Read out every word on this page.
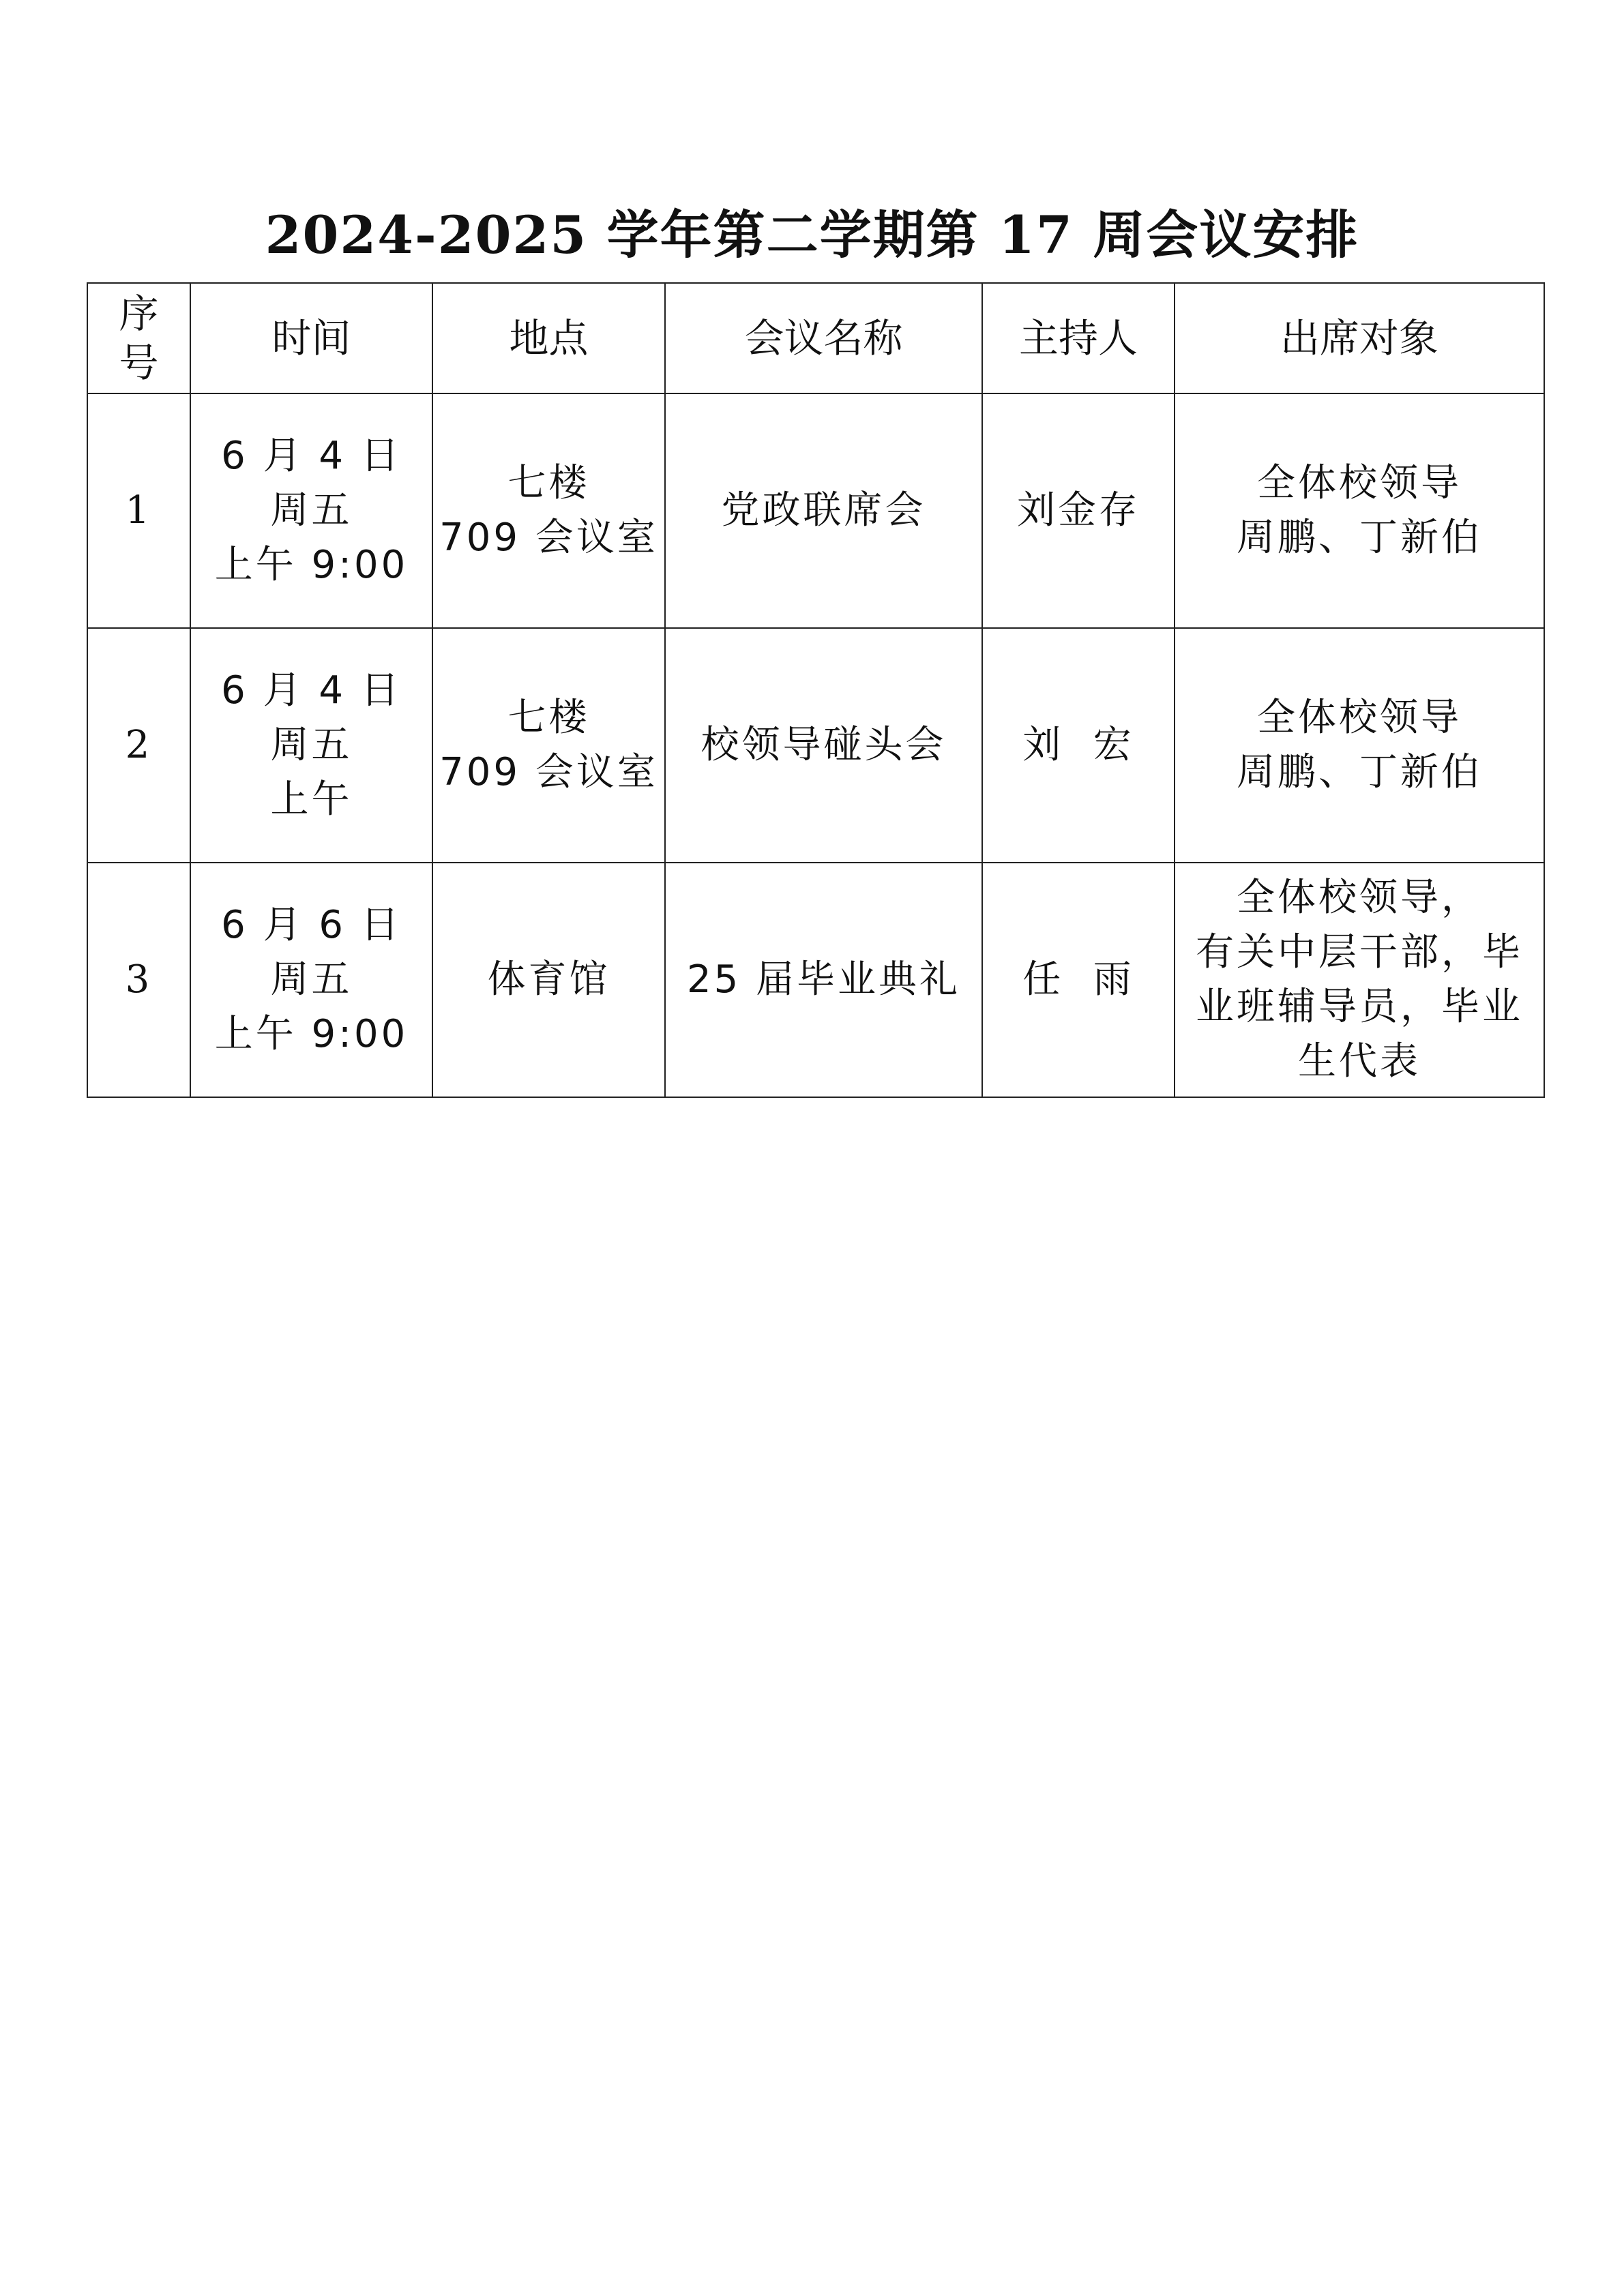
2024-2025 学年第二学期第 17 周会议安排
序
号	时间	地点	会议名称	主持人	出席对象
1	6 月 4 日
周五
上午 9:00	七楼
709 会议室	党政联席会	刘金存	全体校领导
周鹏、丁新伯

2	6 月 4 日
周五
上午	七楼
709 会议室	校领导碰头会	刘  宏	全体校领导
周鹏、丁新伯

3	6 月 6 日
周五
上午 9:00	体育馆	25 届毕业典礼	任  雨	全体校领导，
有关中层干部，毕业班辅导员，毕业生代表
